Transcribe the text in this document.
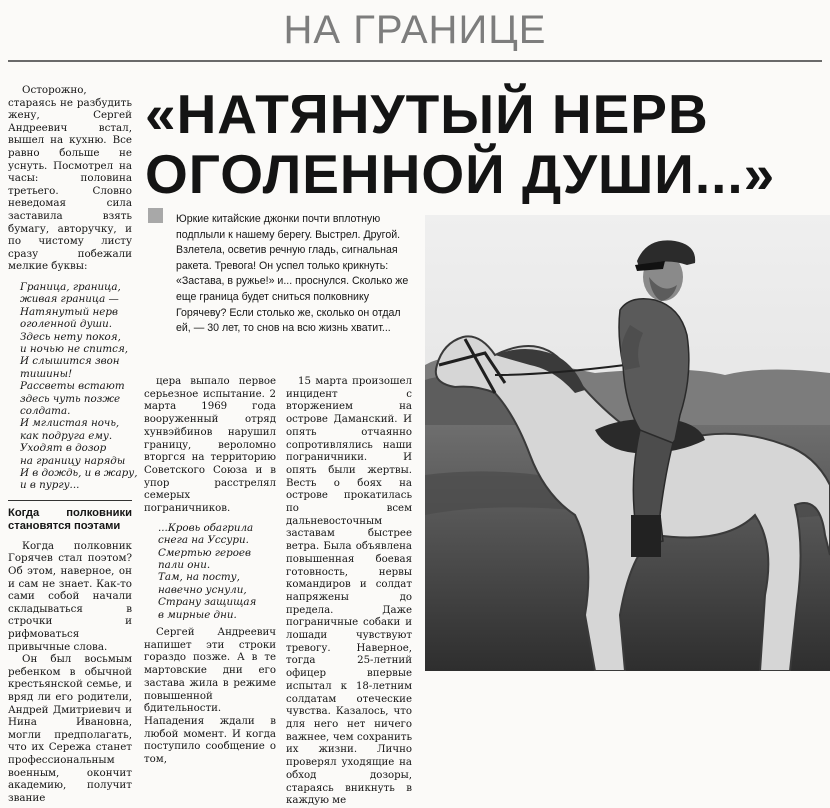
НА ГРАНИЦЕ

Осторожно, стараясь не разбудить жену, Сергей Андреевич встал, вышел на кухню. Все равно больше не уснуть. Посмотрел на часы: половина третьего. Словно неведомая сила заставила взять бумагу, авторучку, и по чистому листу сразу побежали мелкие буквы:

Граница, граница,
живая граница —
Натянутый нерв
оголенной души.
Здесь нету покоя,
и ночью не спится,
И слышится звон
тишины!
Рассветы встают
здесь чуть позже
солдата.
И мглистая ночь,
как подруга ему.
Уходят в дозор
на границу наряды
И в дождь, и в жару,
и в пургу...
Когда полковники становятся поэтами

Когда полковник Горячев стал поэтом? Об этом, наверное, он и сам не знает. Как-то сами собой начали складываться в строчки и рифмоваться привычные слова.

Он был восьмым ребенком в обычной крестьянской семье, и вряд ли его родители, Андрей Дмитриевич и Нина Ивановна, могли предполагать, что их Сережа станет профессиональным военным, окончит академию, получит звание

«НАТЯНУТЫЙ НЕРВ
ОГОЛЕННОЙ ДУШИ...»
Юркие китайские джонки почти вплотную подплыли к нашему берегу. Выстрел. Другой. Взлетела, осветив речную гладь, сигнальная ракета. Тревога! Он успел только крикнуть: «Застава, в ружье!» и... проснулся. Сколько же еще граница будет сниться полковнику Горячеву? Если столько же, сколько он отдал ей, — 30 лет, то снов на всю жизнь хватит...

цера выпало первое серьезное испытание. 2 марта 1969 года вооруженный отряд хунвэйбинов нарушил границу, вероломно вторгся на территорию Советского Союза и в упор расстрелял семерых пограничников.

...Кровь обагрила
снега на Уссури.
Смертью героев
пали они.
Там, на посту,
навечно уснули,
Страну защищая
в мирные дни.

Сергей Андреевич напишет эти строки гораздо позже. А в те мартовские дни его застава жила в режиме повышенной бдительности. Нападения ждали в любой момент. И когда поступило сообщение о том,

15 марта произошел инцидент с вторжением на острове Даманский. И опять отчаянно сопротивлялись наши пограничники. И опять были жертвы. Весть о боях на острове прокатилась по всем дальневосточным заставам быстрее ветра. Была объявлена повышенная боевая готовность, нервы командиров и солдат напряжены до предела. Даже пограничные собаки и лошади чувствуют тревогу. Наверное, тогда 25-летний офицер впервые испытал к 18-летним солдатам отеческие чувства. Казалось, что для него нет ничего важнее, чем сохранить их жизни. Лично проверял уходящие на обход дозоры, стараясь вникнуть в каждую ме
